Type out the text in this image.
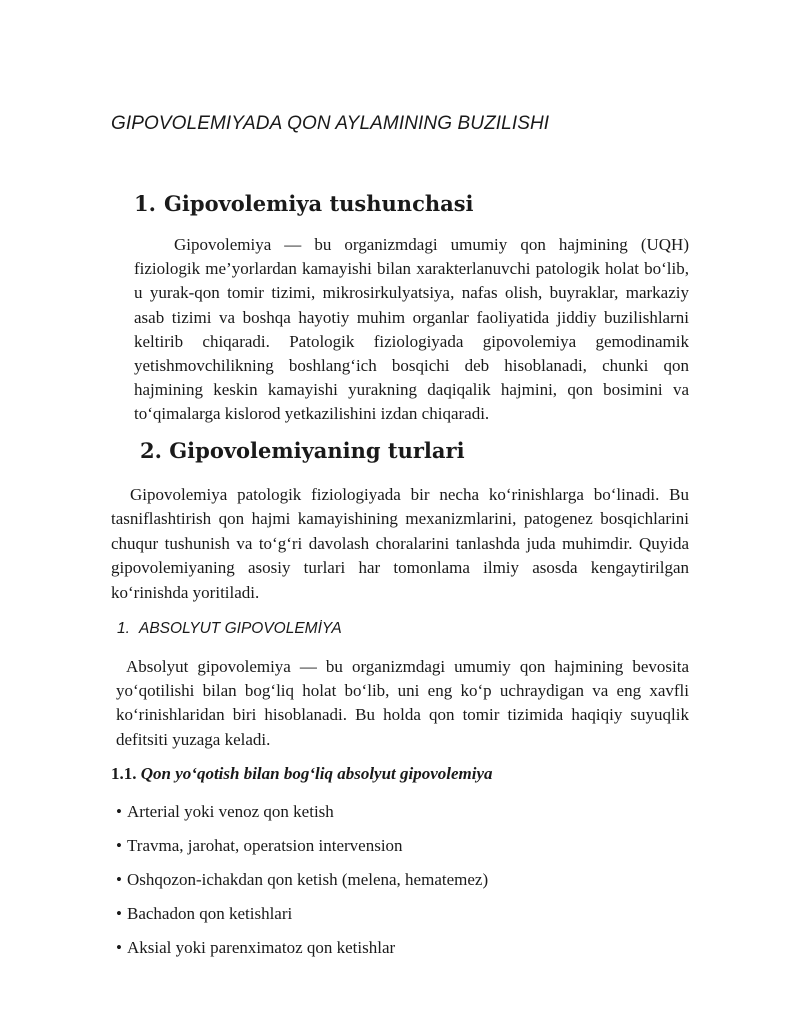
GIPOVOLEMIYADA QON AYLAMINING BUZILISHI
1. Gipovolemiya tushunchasi

Gipovolemiya — bu organizmdagi umumiy qon hajmining (UQH) fiziologik me’yorlardan kamayishi bilan xarakterlanuvchi patologik holat bo‘lib, u yurak-qon tomir tizimi, mikrosirkulyatsiya, nafas olish, buyraklar, markaziy asab tizimi va boshqa hayotiy muhim organlar faoliyatida jiddiy buzilishlarni keltirib chiqaradi. Patologik fiziologiyada gipovolemiya gemodinamik yetishmovchilikning boshlang‘ich bosqichi deb hisoblanadi, chunki qon hajmining keskin kamayishi yurakning daqiqalik hajmini, qon bosimini va to‘qimalarga kislorod yetkazilishini izdan chiqaradi.

2. Gipovolemiyaning turlari

Gipovolemiya patologik fiziologiyada bir necha ko‘rinishlarga bo‘linadi. Bu tasniflashtirish qon hajmi kamayishining mexanizmlarini, patogenez bosqichlarini chuqur tushunish va to‘g‘ri davolash choralarini tanlashda juda muhimdir. Quyida gipovolemiyaning asosiy turlari har tomonlama ilmiy asosda kengaytirilgan ko‘rinishda yoritiladi.

1. ABSOLYUT GIPOVOLEMİYA

Absolyut gipovolemiya — bu organizmdagi umumiy qon hajmining bevosita yo‘qotilishi bilan bog‘liq holat bo‘lib, uni eng ko‘p uchraydigan va eng xavfli ko‘rinishlaridan biri hisoblanadi. Bu holda qon tomir tizimida haqiqiy suyuqlik defitsiti yuzaga keladi.

1.1. Qon yo‘qotish bilan bog‘liq absolyut gipovolemiya
• Arterial yoki venoz qon ketish
• Travma, jarohat, operatsion intervension
• Oshqozon-ichakdan qon ketish (melena, hematemez)
• Bachadon qon ketishlari
• Aksial yoki parenximatoz qon ketishlar
